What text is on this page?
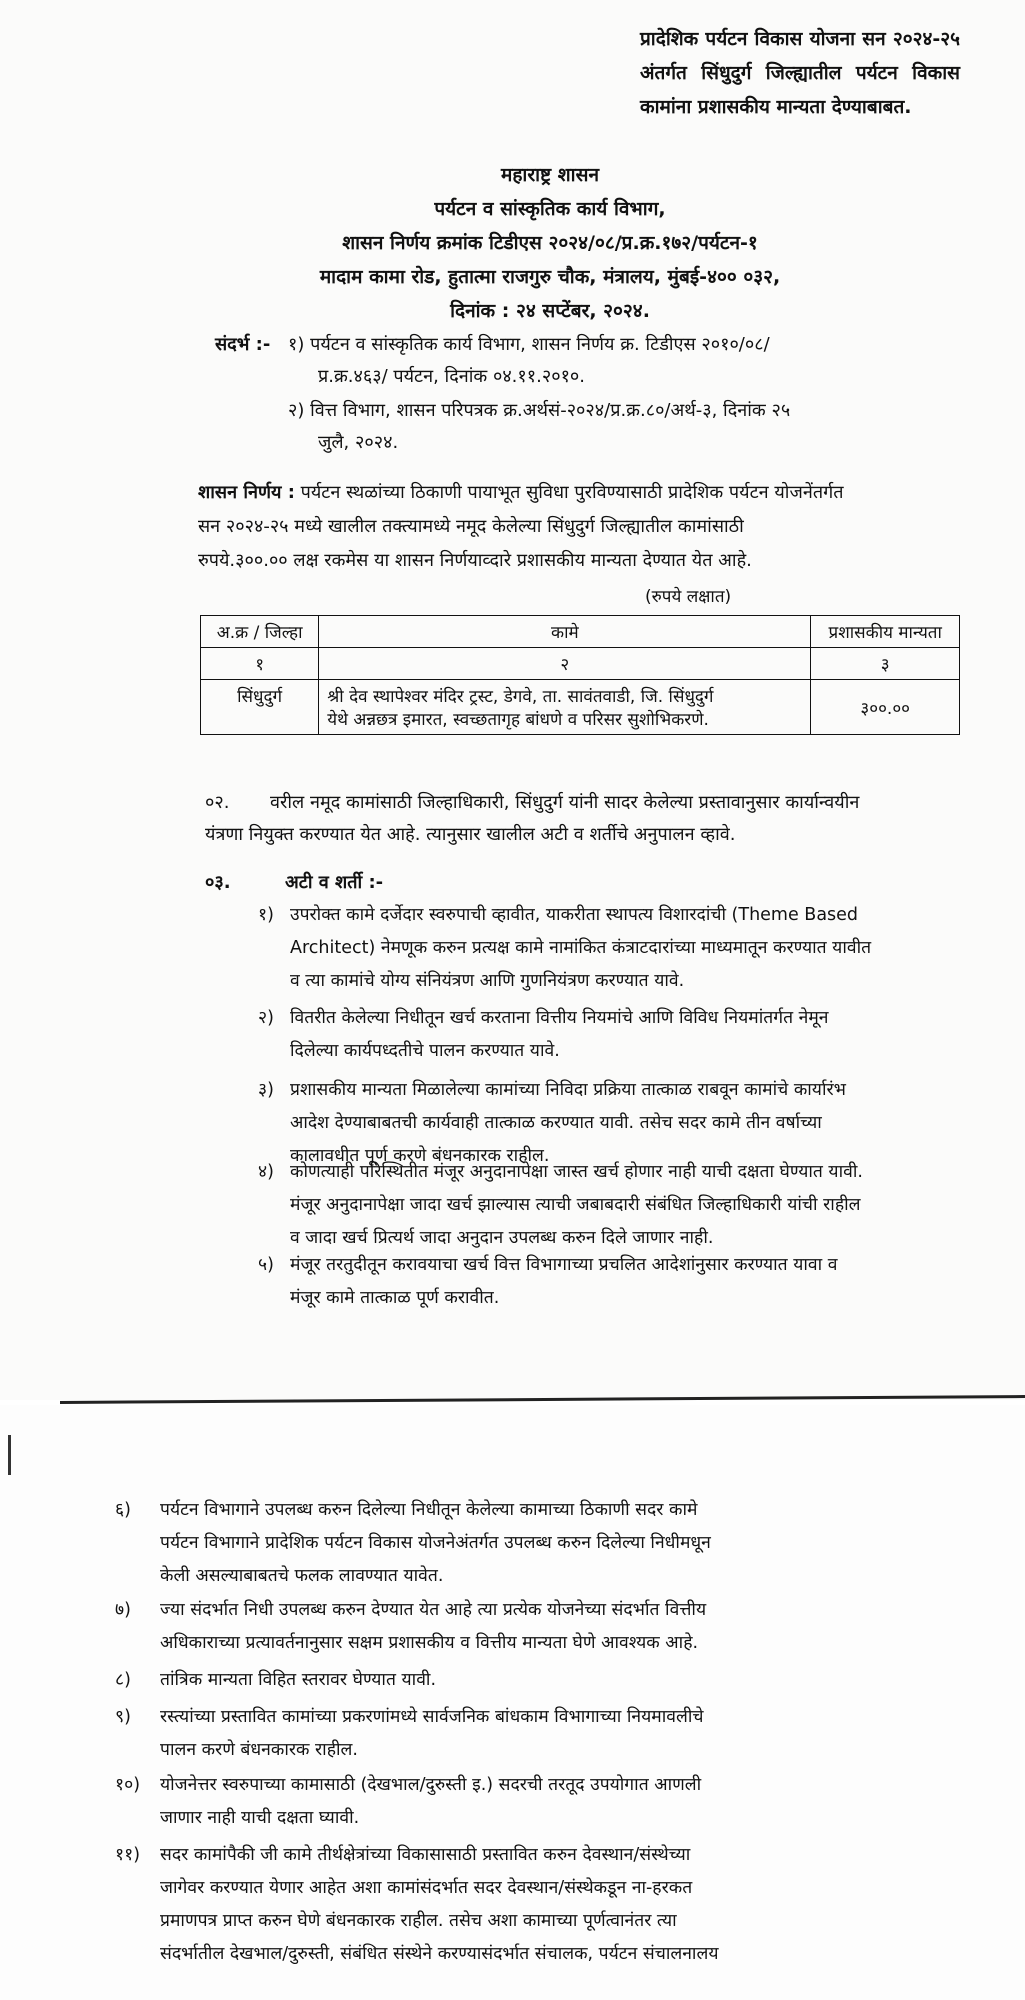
प्रादेशिक पर्यटन विकास योजना सन २०२४-२५ अंतर्गत सिंधुदुर्ग जिल्ह्यातील पर्यटन विकास कामांना प्रशासकीय मान्यता देण्याबाबत.
महाराष्ट्र शासन
पर्यटन व सांस्कृतिक कार्य विभाग,
शासन निर्णय क्रमांक टिडीएस २०२४/०८/प्र.क्र.१७२/पर्यटन-१
मादाम कामा रोड, हुतात्मा राजगुरु चौक, मंत्रालय, मुंबई-४०० ०३२,
दिनांक : २४ सप्टेंबर, २०२४.
संदर्भ :- १) पर्यटन व सांस्कृतिक कार्य विभाग, शासन निर्णय क्र. टिडीएस २०१०/०८/
प्र.क्र.४६३/ पर्यटन, दिनांक ०४.११.२०१०.
२) वित्त विभाग, शासन परिपत्रक क्र.अर्थसं-२०२४/प्र.क्र.८०/अर्थ-३, दिनांक २५
जुलै, २०२४.
शासन निर्णय : पर्यटन स्थळांच्या ठिकाणी पायाभूत सुविधा पुरविण्यासाठी प्रादेशिक पर्यटन योजनेंतर्गत
सन २०२४-२५ मध्ये खालील तक्त्यामध्ये नमूद केलेल्या सिंधुदुर्ग जिल्ह्यातील कामांसाठी
रुपये.३००.०० लक्ष रकमेस या शासन निर्णयाव्दारे प्रशासकीय मान्यता देण्यात येत आहे.
(रुपये लक्षात)
अ.क्र / जिल्हा	कामे	प्रशासकीय मान्यता
१	२	३
सिंधुदुर्ग	श्री देव स्थापेश्वर मंदिर ट्रस्ट, डेगवे, ता. सावंतवाडी, जि. सिंधुदुर्ग
येथे अन्नछत्र इमारत, स्वच्छतागृह बांधणे व परिसर सुशोभिकरणे.	३००.००
०२. वरील नमूद कामांसाठी जिल्हाधिकारी, सिंधुदुर्ग यांनी सादर केलेल्या प्रस्तावानुसार कार्यान्वयीन
यंत्रणा नियुक्त करण्यात येत आहे. त्यानुसार खालील अटी व शर्तीचे अनुपालन व्हावे.
०३.	अटी व शर्ती :-
१) उपरोक्त कामे दर्जेदार स्वरुपाची व्हावीत, याकरीता स्थापत्य विशारदांची (Theme Based
Architect) नेमणूक करुन प्रत्यक्ष कामे नामांकित कंत्राटदारांच्या माध्यमातून करण्यात यावीत
व त्या कामांचे योग्य संनियंत्रण आणि गुणनियंत्रण करण्यात यावे.
२) वितरीत केलेल्या निधीतून खर्च करताना वित्तीय नियमांचे आणि विविध नियमांतर्गत नेमून
दिलेल्या कार्यपध्दतीचे पालन करण्यात यावे.
३) प्रशासकीय मान्यता मिळालेल्या कामांच्या निविदा प्रक्रिया तात्काळ राबवून कामांचे कार्यारंभ
आदेश देण्याबाबतची कार्यवाही तात्काळ करण्यात यावी. तसेच सदर कामे तीन वर्षाच्या
कालावधीत पूर्ण करणे बंधनकारक राहील.
४) कोणत्याही परिस्थितीत मंजूर अनुदानापेक्षा जास्त खर्च होणार नाही याची दक्षता घेण्यात यावी.
मंजूर अनुदानापेक्षा जादा खर्च झाल्यास त्याची जबाबदारी संबंधित जिल्हाधिकारी यांची राहील
व जादा खर्च प्रित्यर्थ जादा अनुदान उपलब्ध करुन दिले जाणार नाही.
५) मंजूर तरतुदीतून करावयाचा खर्च वित्त विभागाच्या प्रचलित आदेशांनुसार करण्यात यावा व
मंजूर कामे तात्काळ पूर्ण करावीत.
६) पर्यटन विभागाने उपलब्ध करुन दिलेल्या निधीतून केलेल्या कामाच्या ठिकाणी सदर कामे
पर्यटन विभागाने प्रादेशिक पर्यटन विकास योजनेअंतर्गत उपलब्ध करुन दिलेल्या निधीमधून
केली असल्याबाबतचे फलक लावण्यात यावेत.
७) ज्या संदर्भात निधी उपलब्ध करुन देण्यात येत आहे त्या प्रत्येक योजनेच्या संदर्भात वित्तीय
अधिकाराच्या प्रत्यावर्तनानुसार सक्षम प्रशासकीय व वित्तीय मान्यता घेणे आवश्यक आहे.
८) तांत्रिक मान्यता विहित स्तरावर घेण्यात यावी.
९) रस्त्यांच्या प्रस्तावित कामांच्या प्रकरणांमध्ये सार्वजनिक बांधकाम विभागाच्या नियमावलीचे
पालन करणे बंधनकारक राहील.
१०) योजनेत्तर स्वरुपाच्या कामासाठी (देखभाल/दुरुस्ती इ.) सदरची तरतूद उपयोगात आणली
जाणार नाही याची दक्षता घ्यावी.
११) सदर कामांपैकी जी कामे तीर्थक्षेत्रांच्या विकासासाठी प्रस्तावित करुन देवस्थान/संस्थेच्या
जागेवर करण्यात येणार आहेत अशा कामांसंदर्भात सदर देवस्थान/संस्थेकडून ना-हरकत
प्रमाणपत्र प्राप्त करुन घेणे बंधनकारक राहील. तसेच अशा कामाच्या पूर्णत्वानंतर त्या
संदर्भातील देखभाल/दुरुस्ती, संबंधित संस्थेने करण्यासंदर्भात संचालक, पर्यटन संचालनालय
